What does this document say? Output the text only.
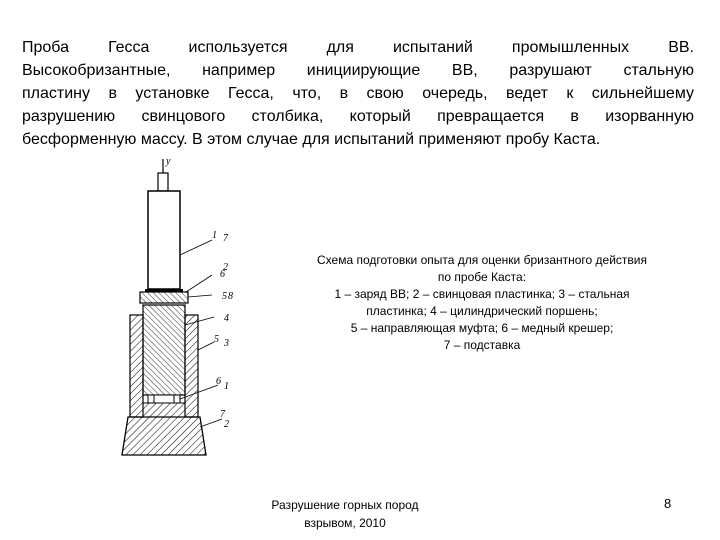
Проба Гесса используется для испытаний промышленных ВВ.
Высокобризантные, например инициирующие ВВ, разрушают стальную
пластину в установке Гесса, что, в свою очередь, ведет к сильнейшему
разрушению свинцового столбика, который превращается в изорванную
бесформенную массу. В этом случае для испытаний применяют пробу Каста.
у
1 7
2
6
5 8
4
5 3
6 1
7
2
Схема подготовки опыта для оценки бризантного действия
по пробе Каста:
1 – заряд ВВ; 2 – свинцовая пластинка; 3 – стальная
пластинка; 4 – цилиндрический поршень;
5 – направляющая муфта; 6 – медный крешер;
7 – подставка
Разрушение горных пород
взрывом, 2010
8
